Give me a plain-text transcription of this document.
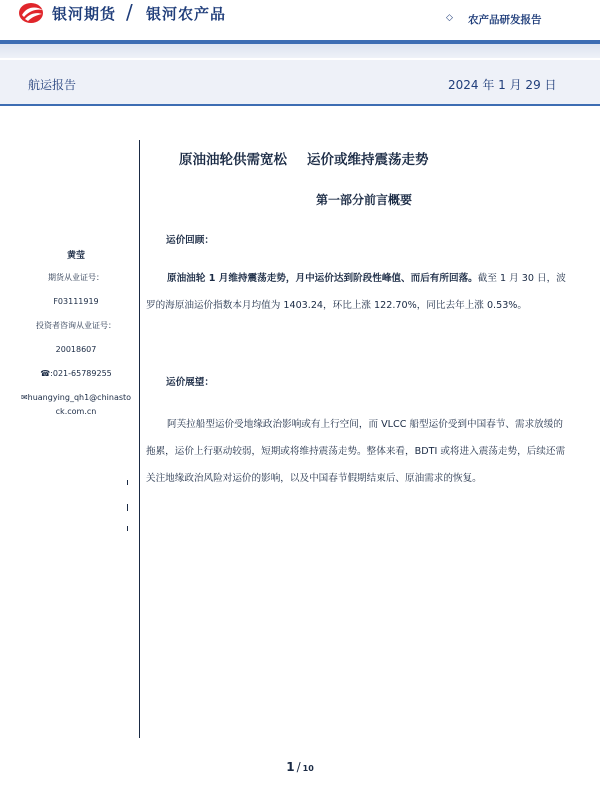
银河期货 / 银河农产品	◇ 农产品研发报告
航运报告	2024 年 1 月 29 日
黄莹
期货从业证号：
F03111919
投资者咨询从业证号：
20018607
☎:021-65789255
✉huangying_qh1@chinastock.com.cn
原油油轮供需宽松 运价或维持震荡走势
第一部分前言概要
运价回顾：
原油油轮 1 月维持震荡走势，月中运价达到阶段性峰值、而后有所回落。截至 1 月 30 日，波罗的海原油运价指数本月均值为 1403.24，环比上涨 122.70%，同比去年上涨 0.53%。
运价展望：
阿芙拉船型运价受地缘政治影响或有上行空间，而 VLCC 船型运价受到中国春节、需求放缓的拖累，运价上行驱动较弱，短期或将维持震荡走势。整体来看，BDTI 或将进入震荡走势，后续还需关注地缘政治风险对运价的影响，以及中国春节假期结束后、原油需求的恢复。
1 / 10
